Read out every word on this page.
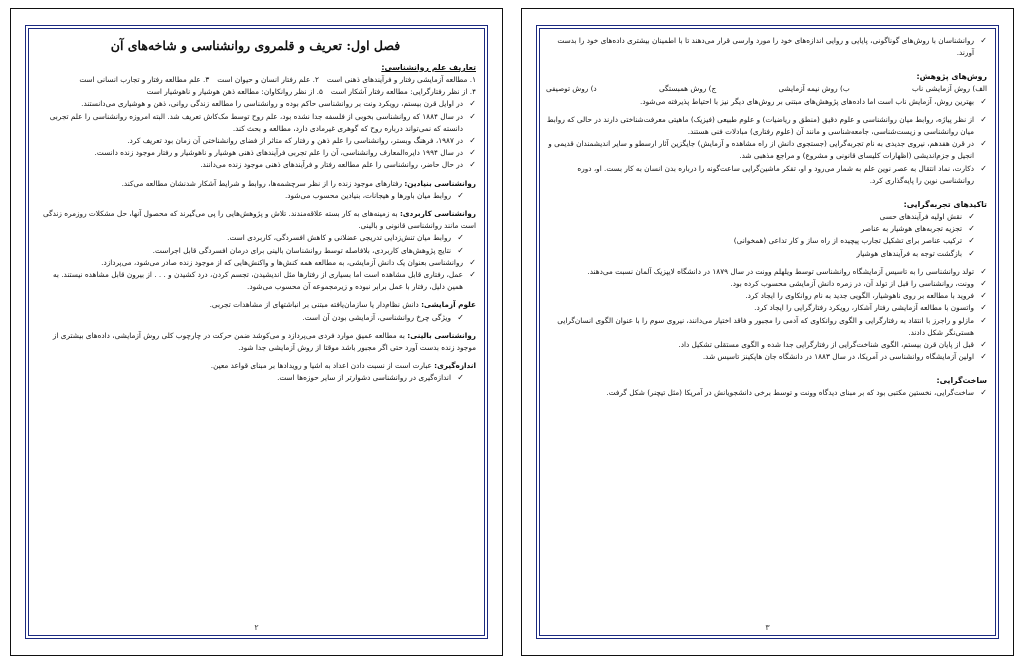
فصل اول: تعریف و قلمروی روانشناسی و شاخه‌های آن
تعاریف علم روانشناسی:
۱. مطالعه آزمایشی رفتار و فرآیندهای ذهنی است
۲. علم رفتار انسان و حیوان است
۳. علم مطالعه رفتار و تجارب انسانی است
۴. از نظر رفتارگرایی: مطالعه رفتار آشکار است
۵. از نظر روانکاوان: مطالعه ذهن هوشیار و ناهوشیار است
✓
در اوایل قرن بیستم، رویکرد ونت بر روانشناسی حاکم بوده و روانشناسی را مطالعه زندگی روانی، ذهن و هوشیاری می‌دانستند.
✓
در سال ۱۸۸۴ که روانشناسی بخوبی از فلسفه جدا نشده بود، علم روح توسط مک‌کاش تعریف شد. البته امروزه روانشناسی را علم تجربی دانسته که نمی‌تواند درباره روح که گوهری غیرمادی دارد، مطالعه و بحث کند.
✓
در ۱۹۸۷، فرهنگ وبستر، روانشناسی را علم ذهن و رفتار که متاثر از فضای روانشناختی آن زمان بود تعریف کرد.
✓
در سال ۱۹۹۴ دایره‌المعارف روانشناسی، آن را علم تجربی فرآیندهای ذهنی هوشیار و ناهوشیار و رفتار موجود زنده دانست.
✓
در حال حاضر، روانشناسی را علم مطالعه رفتار و فرآیندهای ذهنی موجود زنده می‌دانند.

روانشناسی بنیادین: رفتارهای موجود زنده را از نظر سرچشمه‌ها، روابط و شرایط آشکار شدنشان مطالعه می‌کند.

✓
روابط میان باورها و هیجانات، بنیادین محسوب می‌شود.

روانشناسی کاربردی: به زمینه‌های به کار بسته علاقه‌مندند. تلاش و پژوهش‌هایی را پی می‌گیرند که محصول آنها، حل مشکلات روزمره زندگی است مانند روانشناسی قانونی و بالینی.

✓
روابط میان تنش‌زدایی تدریجی عضلانی و کاهش افسردگی، کاربردی است.
✓
نتایج پژوهش‌های کاربردی، بلافاصله توسط روانشناسان بالینی برای درمان افسردگی قابل اجراست.
✓
روانشناسی بعنوان یک دانش آزمایشی، به مطالعه همه کنش‌ها و واکنش‌هایی که از موجود زنده صادر می‌شود، می‌پردازد.
✓
عمل، رفتاری قابل مشاهده است اما بسیاری از رفتارها مثل اندیشیدن، تجسم کردن، درد کشیدن و . . . از بیرون قابل مشاهده نیستند. به همین دلیل، رفتار با عمل برابر نبوده و زیرمجموعه آن محسوب می‌شود.

علوم آزمایشی: دانش نظام‌دار یا سازمان‌یافته مبتنی بر انباشتهای از مشاهدات تجربی.

✓
ویژگی چرخ روانشناسی، آزمایشی بودن آن است.

روانشناسی بالینی: به مطالعه عمیق موارد فردی می‌پردازد و می‌کوشد ضمن حرکت در چارچوب کلی روش آزمایشی، داده‌های بیشتری از موجود زنده بدست آورد حتی اگر مجبور باشد موقتا از روش آزمایشی جدا شود.

اندازه‌گیری: عبارت است از نسبت دادن اعداد به اشیا و رویدادها بر مبنای قواعد معین.

✓
اندازه‌گیری در روانشناسی دشوارتر از سایر حوزه‌ها است.
۲
✓
روانشناسان با روش‌های گوناگونی، پایایی و روایی اندازه‌های خود را مورد وارسی قرار می‌دهند تا با اطمینان بیشتری داده‌های خود را بدست آورند.
روش‌های پژوهش:
الف) روش آزمایشی ناب
ب) روش نیمه آزمایشی
ج) روش همبستگی
د) روش توصیفی
✓
بهترین روش، آزمایش ناب است اما داده‌های پژوهش‌های مبتنی بر روش‌های دیگر نیز با احتیاط پذیرفته می‌شود.
✓
از نظر پیاژه، روابط میان روانشناسی و علوم دقیق (منطق و ریاضیات) و علوم طبیعی (فیزیک) ماهیتی معرفت‌شناختی دارند در حالی که روابط میان روانشناسی و زیست‌شناسی، جامعه‌شناسی و مانند آن (علوم رفتاری) مبادلات فنی هستند.
✓
در قرن هفدهم، نیروی جدیدی به نام تجربه‌گرایی (جستجوی دانش از راه مشاهده و آزمایش) جایگزین آثار ارسطو و سایر اندیشمندان قدیمی و انجیل و جزم‌اندیشی (اظهارات کلیسای قانونی و مشروع) و مراجع مذهبی شد.
✓
دکارت، نماد انتقال به عصر نوین علم به شمار می‌رود و او، تفکر ماشین‌گرایی ساعت‌گونه را درباره بدن انسان به کار بست. او، دوره روانشناسی نوین را پایه‌گذاری کرد.
تاکیدهای تجربه‌گرایی:
✓
نقش اولیه فرآیندهای حسی
✓
تجزیه تجربه‌های هوشیار به عناصر
✓
ترکیب عناصر برای تشکیل تجارب پیچیده از راه ساز و کار تداعی (همخوانی)
✓
بازگشت توجه به فرآیندهای هوشیار
✓
تولد روانشناسی را به تاسیس آزمایشگاه روانشناسی توسط ویلهلم وونت در سال ۱۸۷۹ در دانشگاه لایپزیک آلمان نسبت می‌دهند.
✓
وونت، روانشناسی را قبل از تولد آن، در زمره دانش آزمایشی محسوب کرده بود.
✓
فروید با مطالعه بر روی ناهوشیار، الگویی جدید به نام روانکاوی را ایجاد کرد.
✓
واتسون با مطالعه آزمایشی رفتار آشکار، رویکرد رفتارگرایی را ایجاد کرد.
✓
مازلو و راجرز با انتقاد به رفتارگرایی و الگوی روانکاوی که آدمی را مجبور و فاقد اختیار می‌دانند، نیروی سوم را با عنوان الگوی انسان‌گرایی هستی‌نگر شکل دادند.
✓
قبل از پایان قرن بیستم، الگوی شناخت‌گرایی از رفتارگرایی جدا شده و الگوی مستقلی تشکیل داد.
✓
اولین آزمایشگاه روانشناسی در آمریکا، در سال ۱۸۸۳ در دانشگاه جان هاپکینز تاسیس شد.
ساخت‌گرایی:
✓
ساخت‌گرایی، نخستین مکتبی بود که بر مبنای دیدگاه وونت و توسط برخی دانشجویانش در آمریکا (مثل تیچنر) شکل گرفت.
۳
